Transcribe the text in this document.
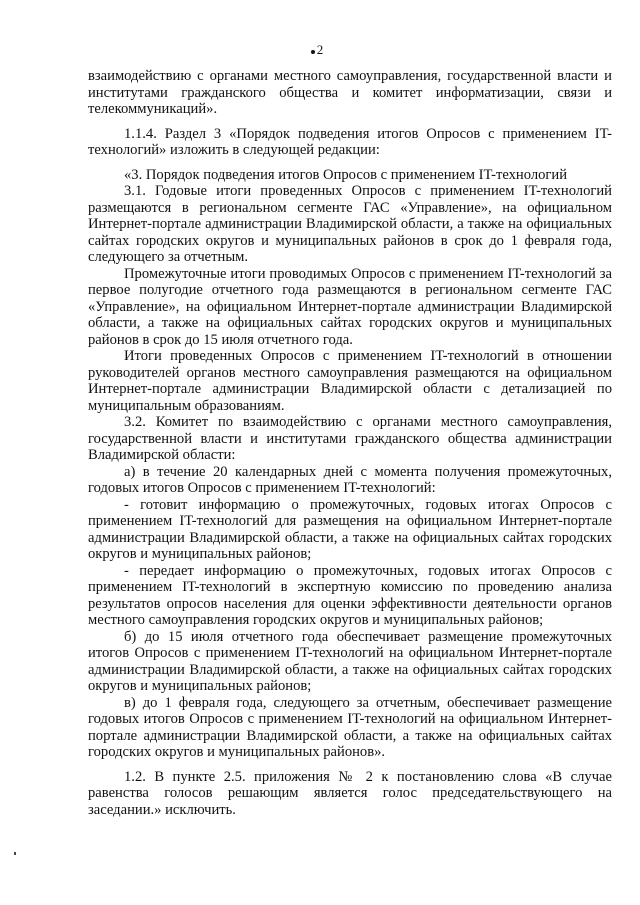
2

взаимодействию с органами местного самоуправления, государственной власти и институтами гражданского общества и комитет информатизации, связи и телекоммуникаций».

1.1.4. Раздел 3 «Порядок подведения итогов Опросов с применением IT-технологий» изложить в следующей редакции:

«3. Порядок подведения итогов Опросов с применением IT-технологий

3.1. Годовые итоги проведенных Опросов с применением IT-технологий размещаются в региональном сегменте ГАС «Управление», на официальном Интернет-портале администрации Владимирской области, а также на официальных сайтах городских округов и муниципальных районов в срок до 1 февраля года, следующего за отчетным.

Промежуточные итоги проводимых Опросов с применением IT-технологий за первое полугодие отчетного года размещаются в региональном сегменте ГАС «Управление», на официальном Интернет-портале администрации Владимирской области, а также на официальных сайтах городских округов и муниципальных районов в срок до 15 июля отчетного года.

Итоги проведенных Опросов с применением IT-технологий в отношении руководителей органов местного самоуправления размещаются на официальном Интернет-портале администрации Владимирской области с детализацией по муниципальным образованиям.

3.2. Комитет по взаимодействию с органами местного самоуправления, государственной власти и институтами гражданского общества администрации Владимирской области:

а) в течение 20 календарных дней с момента получения промежуточных, годовых итогов Опросов с применением IT-технологий:

- готовит информацию о промежуточных, годовых итогах Опросов с применением IT-технологий для размещения на официальном Интернет-портале администрации Владимирской области, а также на официальных сайтах городских округов и муниципальных районов;

- передает информацию о промежуточных, годовых итогах Опросов с применением IT-технологий в экспертную комиссию по проведению анализа результатов опросов населения для оценки эффективности деятельности органов местного самоуправления городских округов и муниципальных районов;

б) до 15 июля отчетного года обеспечивает размещение промежуточных итогов Опросов с применением IT-технологий на официальном Интернет-портале администрации Владимирской области, а также на официальных сайтах городских округов и муниципальных районов;

в) до 1 февраля года, следующего за отчетным, обеспечивает размещение годовых итогов Опросов с применением IT-технологий на официальном Интернет-портале администрации Владимирской области, а также на официальных сайтах городских округов и муниципальных районов».

1.2. В пункте 2.5. приложения № 2 к постановлению слова «В случае равенства голосов решающим является голос председательствующего на заседании.» исключить.
